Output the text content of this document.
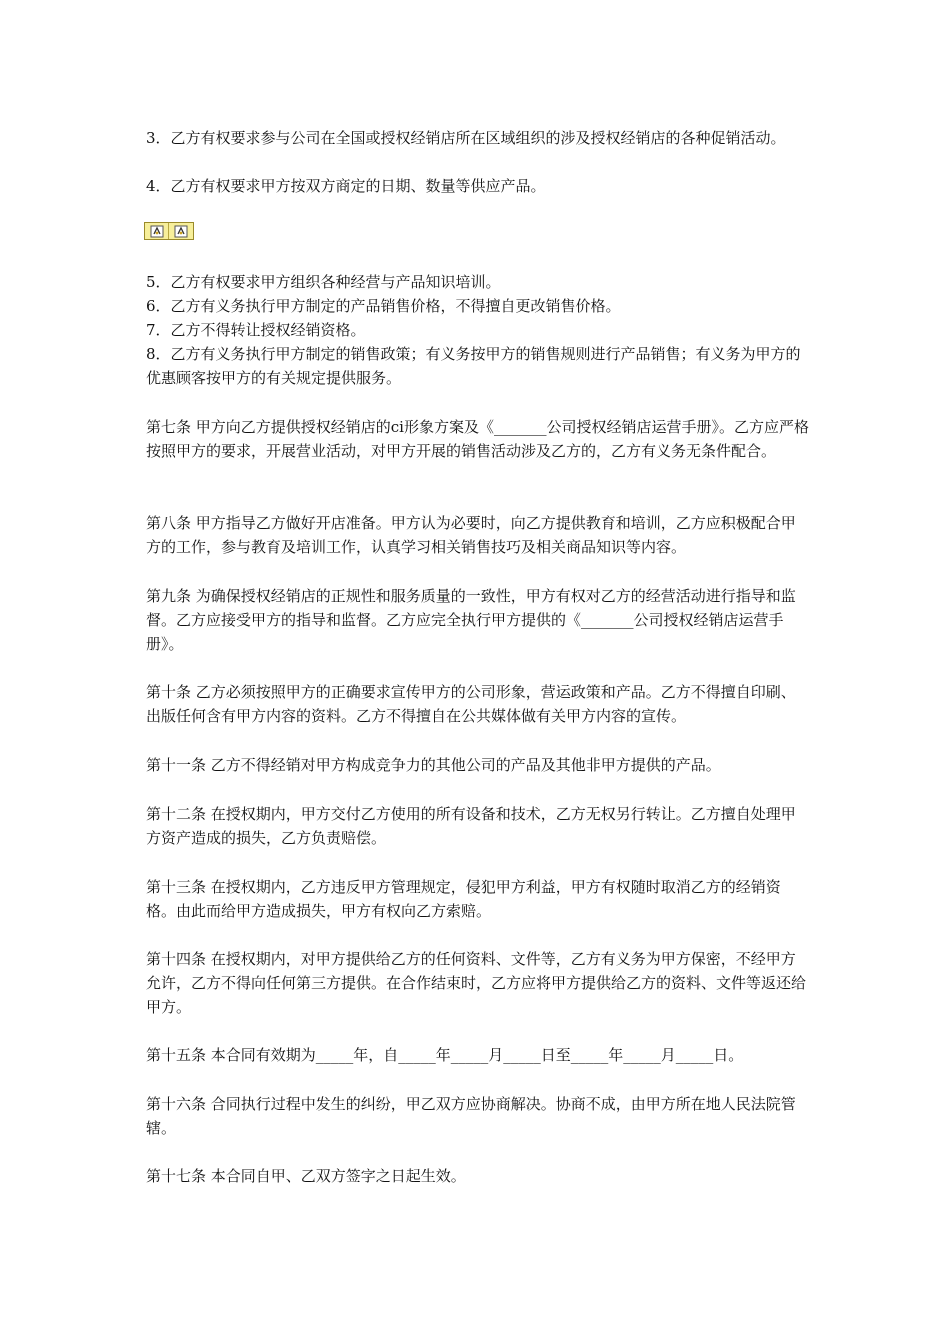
3．乙方有权要求参与公司在全国或授权经销店所在区域组织的涉及授权经销店的各种促销活动。

4．乙方有权要求甲方按双方商定的日期、数量等供应产品。

5．乙方有权要求甲方组织各种经营与产品知识培训。

6．乙方有义务执行甲方制定的产品销售价格，不得擅自更改销售价格。

7．乙方不得转让授权经销资格。

8．乙方有义务执行甲方制定的销售政策；有义务按甲方的销售规则进行产品销售；有义务为甲方的优惠顾客按甲方的有关规定提供服务。

第七条 甲方向乙方提供授权经销店的ci形象方案及《_______公司授权经销店运营手册》。乙方应严格按照甲方的要求，开展营业活动，对甲方开展的销售活动涉及乙方的，乙方有义务无条件配合。

第八条 甲方指导乙方做好开店准备。甲方认为必要时，向乙方提供教育和培训，乙方应积极配合甲方的工作，参与教育及培训工作，认真学习相关销售技巧及相关商品知识等内容。

第九条 为确保授权经销店的正规性和服务质量的一致性，甲方有权对乙方的经营活动进行指导和监督。乙方应接受甲方的指导和监督。乙方应完全执行甲方提供的《_______公司授权经销店运营手册》。

第十条 乙方必须按照甲方的正确要求宣传甲方的公司形象，营运政策和产品。乙方不得擅自印刷、出版任何含有甲方内容的资料。乙方不得擅自在公共媒体做有关甲方内容的宣传。

第十一条 乙方不得经销对甲方构成竞争力的其他公司的产品及其他非甲方提供的产品。

第十二条 在授权期内，甲方交付乙方使用的所有设备和技术，乙方无权另行转让。乙方擅自处理甲方资产造成的损失，乙方负责赔偿。

第十三条 在授权期内，乙方违反甲方管理规定，侵犯甲方利益，甲方有权随时取消乙方的经销资格。由此而给甲方造成损失，甲方有权向乙方索赔。

第十四条 在授权期内，对甲方提供给乙方的任何资料、文件等，乙方有义务为甲方保密，不经甲方允许，乙方不得向任何第三方提供。在合作结束时，乙方应将甲方提供给乙方的资料、文件等返还给甲方。

第十五条 本合同有效期为_____年，自_____年_____月_____日至_____年_____月_____日。

第十六条 合同执行过程中发生的纠纷，甲乙双方应协商解决。协商不成，由甲方所在地人民法院管辖。

第十七条 本合同自甲、乙双方签字之日起生效。
